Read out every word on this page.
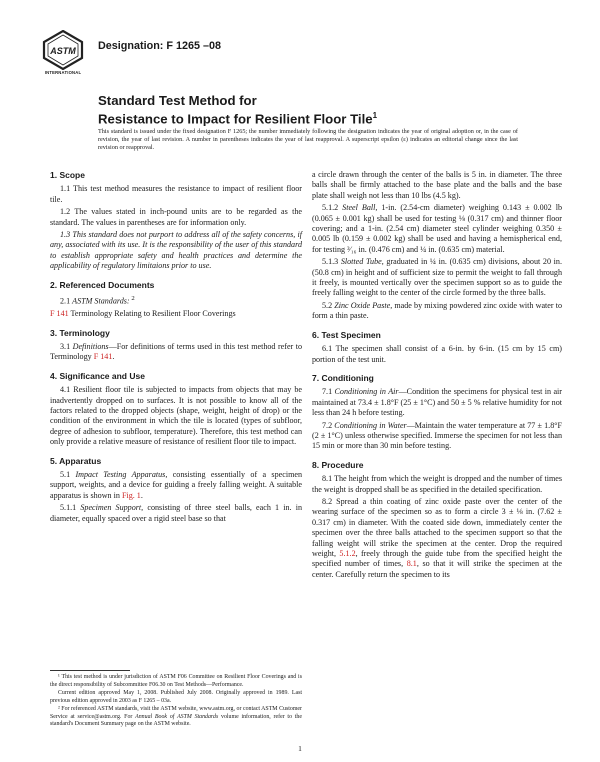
ASTM
INTERNATIONAL
Designation: F 1265 –08
Standard Test Method for
Resistance to Impact for Resilient Floor Tile$^1$
This standard is issued under the fixed designation F 1265; the number immediately following the designation indicates the year of original adoption or, in the case of revision, the year of last revision. A number in parentheses indicates the year of last reapproval. A superscript epsilon (ε) indicates an editorial change since the last revision or reapproval.
1. Scope

1.1 This test method measures the resistance to impact of resilient floor tile.

1.2 The values stated in inch-pound units are to be regarded as the standard. The values in parentheses are for information only.

1.3 This standard does not purport to address all of the safety concerns, if any, associated with its use. It is the responsibility of the user of this standard to establish appropriate safety and health practices and determine the applicability of regulatory limitaions prior to use.

2. Referenced Documents

2.1 ASTM Standards: $^2$

F 141 Terminology Relating to Resilient Floor Coverings

3. Terminology

3.1 Definitions—For definitions of terms used in this test method refer to Terminology F 141.

4. Significance and Use

4.1 Resilient floor tile is subjected to impacts from objects that may be inadvertently dropped on to surfaces. It is not possible to know all of the factors related to the dropped objects (shape, weight, height of drop) or the condition of the environment in which the tile is located (types of subfloor, degree of adhesion to subfloor, temperature). Therefore, this test method can only provide a relative measure of resistance of resilient floor tile to impact.

5. Apparatus

5.1 Impact Testing Apparatus, consisting essentially of a specimen support, weights, and a device for guiding a freely falling weight. A suitable apparatus is shown in Fig. 1.

5.1.1 Specimen Support, consisting of three steel balls, each 1 in. in diameter, equally spaced over a rigid steel base so that

¹ This test method is under jurisdiction of ASTM F06 Committee on Resilient Floor Coverings and is the direct responsibility of Subcommittee F06.30 on Test Methods—Performance.

Current edition approved May 1, 2008. Published July 2008. Originally approved in 1989. Last previous edition approved in 2003 as F 1265 – 03a.

² For referenced ASTM standards, visit the ASTM website, www.astm.org, or contact ASTM Customer Service at service@astm.org. For Annual Book of ASTM Standards volume information, refer to the standard's Document Summary page on the ASTM website.

a circle drawn through the center of the balls is 5 in. in diameter. The three balls shall be firmly attached to the base plate and the balls and the base plate shall weigh not less than 10 lbs (4.5 kg).

5.1.2 Steel Ball, 1-in. (2.54-cm diameter) weighing 0.143 ± 0.002 lb (0.065 ± 0.001 kg) shall be used for testing ⅛ (0.317 cm) and thinner floor covering; and a 1-in. (2.54 cm) diameter steel cylinder weighing 0.350 ± 0.005 lb (0.159 ± 0.002 kg) shall be used and having a hemispherical end, for testing ³⁄₁₆ in. (0.476 cm) and ¼ in. (0.635 cm) material.

5.1.3 Slotted Tube, graduated in ¼ in. (0.635 cm) divisions, about 20 in. (50.8 cm) in height and of sufficient size to permit the weight to fall through it freely, is mounted vertically over the specimen support so as to guide the freely falling weight to the center of the circle formed by the three balls.

5.2 Zinc Oxide Paste, made by mixing powdered zinc oxide with water to form a thin paste.

6. Test Specimen

6.1 The specimen shall consist of a 6-in. by 6-in. (15 cm by 15 cm) portion of the test unit.

7. Conditioning

7.1 Conditioning in Air—Condition the specimens for physical test in air maintained at 73.4 ± 1.8°F (25 ± 1°C) and 50 ± 5 % relative humidity for not less than 24 h before testing.

7.2 Conditioning in Water—Maintain the water temperature at 77 ± 1.8°F (2 ± 1°C) unless otherwise specified. Immerse the specimen for not less than 15 min or more than 30 min before testing.

8. Procedure

8.1 The height from which the weight is dropped and the number of times the weight is dropped shall be as specified in the detailed specification.

8.2 Spread a thin coating of zinc oxide paste over the center of the wearing surface of the specimen so as to form a circle 3 ± ⅛ in. (7.62 ± 0.317 cm) in diameter. With the coated side down, immediately center the specimen over the three balls attached to the specimen support so that the falling weight will strike the specimen at the center. Drop the required weight, 5.1.2, freely through the guide tube from the specified height the specified number of times, 8.1, so that it will strike the specimen at the center. Carefully return the specimen to its

1
